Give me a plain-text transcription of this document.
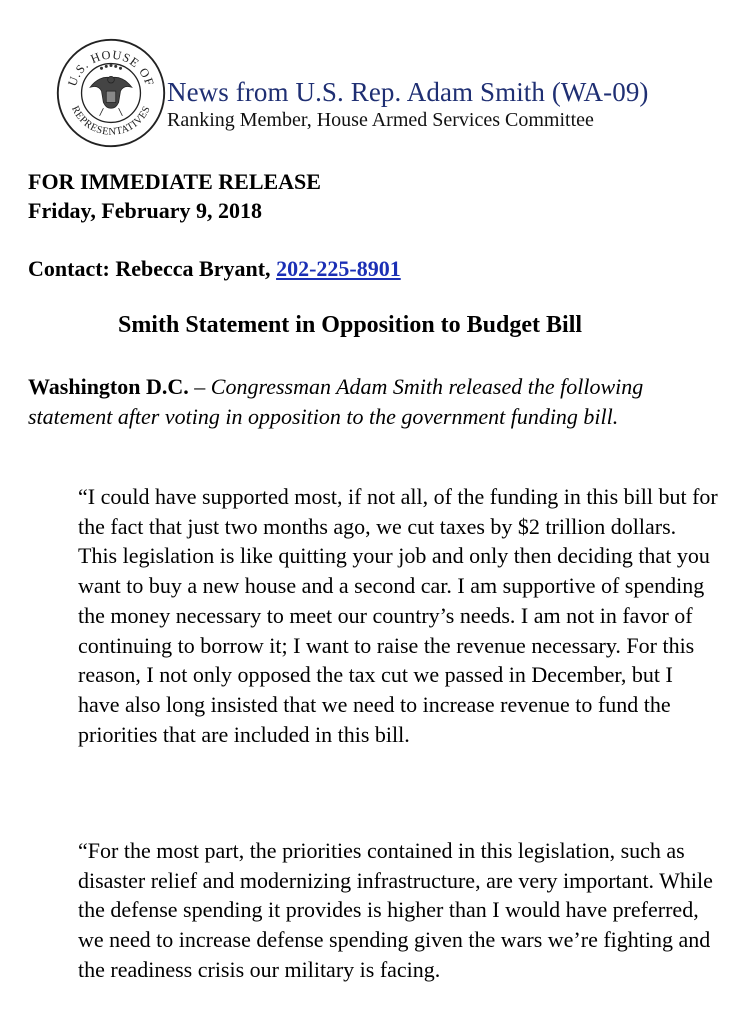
U.S. HOUSE OF
REPRESENTATIVES
News from U.S. Rep. Adam Smith (WA-09)
Ranking Member, House Armed Services Committee
FOR IMMEDIATE RELEASE
Friday, February 9, 2018
Contact: Rebecca Bryant, 202-225-8901
Smith Statement in Opposition to Budget Bill
Washington D.C. – Congressman Adam Smith released the following statement after voting in opposition to the government funding bill.
“I could have supported most, if not all, of the funding in this bill but for the fact that just two months ago, we cut taxes by $2 trillion dollars. This legislation is like quitting your job and only then deciding that you want to buy a new house and a second car. I am supportive of spending the money necessary to meet our country’s needs. I am not in favor of continuing to borrow it; I want to raise the revenue necessary. For this reason, I not only opposed the tax cut we passed in December, but I have also long insisted that we need to increase revenue to fund the priorities that are included in this bill.
“For the most part, the priorities contained in this legislation, such as disaster relief and modernizing infrastructure, are very important. While the defense spending it provides is higher than I would have preferred, we need to increase defense spending given the wars we’re fighting and the readiness crisis our military is facing.
